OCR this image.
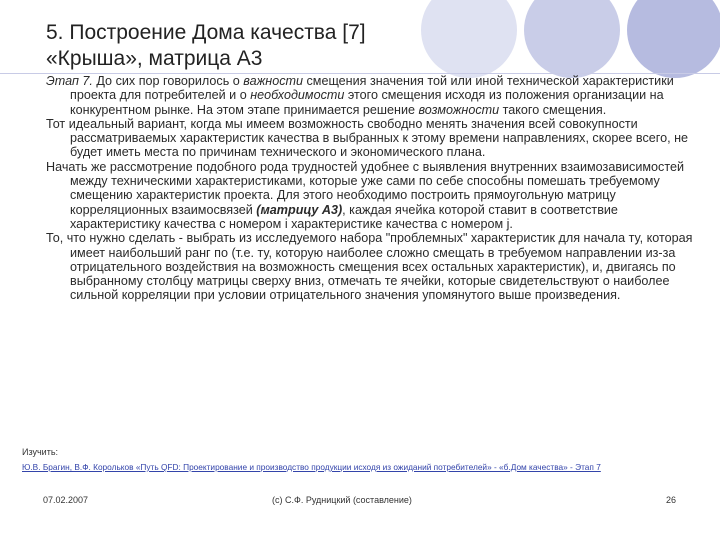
5. Построение Дома качества [7]
«Крыша», матрица А3

Этап 7. До сих пор говорилось о важности смещения значения той или иной технической характеристики проекта для потребителей и о необходимости этого смещения исходя из положения организации на конкурентном рынке. На этом этапе принимается решение возможности такого смещения.

Тот идеальный вариант, когда мы имеем возможность свободно менять значения всей совокупности рассматриваемых характеристик качества в выбранных к этому времени направлениях, скорее всего, не будет иметь места по причинам технического и экономического плана.

Начать же рассмотрение подобного рода трудностей удобнее с выявления внутренних взаимозависимостей между техническими характеристиками, которые уже сами по себе способны помешать требуемому смещению характеристик проекта. Для этого необходимо построить прямоугольную матрицу корреляционных взаимосвязей (матрицу А3), каждая ячейка которой ставит в соответствие характеристику качества с номером i характеристике качества с номером j.

То, что нужно сделать - выбрать из исследуемого набора "проблемных" характеристик для начала ту, которая имеет наибольший ранг по (т.е. ту, которую наиболее сложно смещать в требуемом направлении из-за отрицательного воздействия на возможность смещения всех остальных характеристик), и, двигаясь по выбранному столбцу матрицы сверху вниз, отмечать те ячейки, которые свидетельствуют о наиболее сильной корреляции при условии отрицательного значения упомянутого выше произведения.

Изучить:
Ю.В. Брагин, В.Ф. Корольков «Путь QFD: Проектирование и производство продукции исходя из ожиданий потребителей» - «б.Дом качества» - Этап 7
07.02.2007	(с) С.Ф. Рудницкий (составление)	26
